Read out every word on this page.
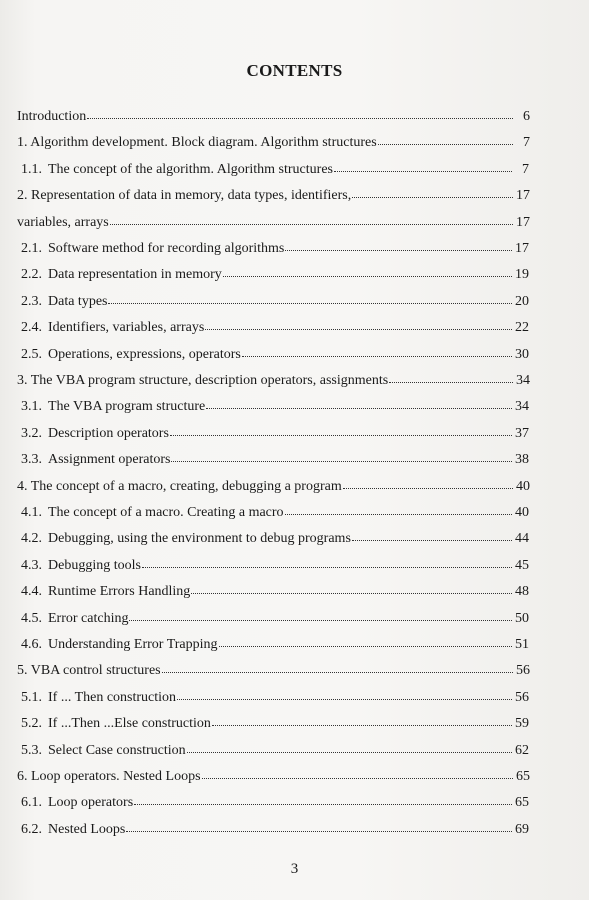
CONTENTS
Introduction	6
1. Algorithm development. Block diagram. Algorithm structures	7
1.1. The concept of the algorithm. Algorithm structures	7
2. Representation of data in memory, data types, identifiers,	17
variables, arrays	17
2.1. Software method for recording algorithms	17
2.2. Data representation in memory	19
2.3. Data types	20
2.4. Identifiers, variables, arrays	22
2.5. Operations, expressions, operators	30
3. The VBA program structure, description operators, assignments	34
3.1. The VBA program structure	34
3.2. Description operators	37
3.3. Assignment operators	38
4. The concept of a macro, creating, debugging a program	40
4.1. The concept of a macro. Creating a macro	40
4.2. Debugging, using the environment to debug programs	44
4.3. Debugging tools	45
4.4. Runtime Errors Handling	48
4.5. Error catching	50
4.6. Understanding Error Trapping	51
5. VBA control structures	56
5.1. If ... Then construction	56
5.2. If ...Then ...Else construction	59
5.3. Select Case construction	62
6. Loop operators. Nested Loops	65
6.1. Loop operators	65
6.2. Nested Loops	69
3
